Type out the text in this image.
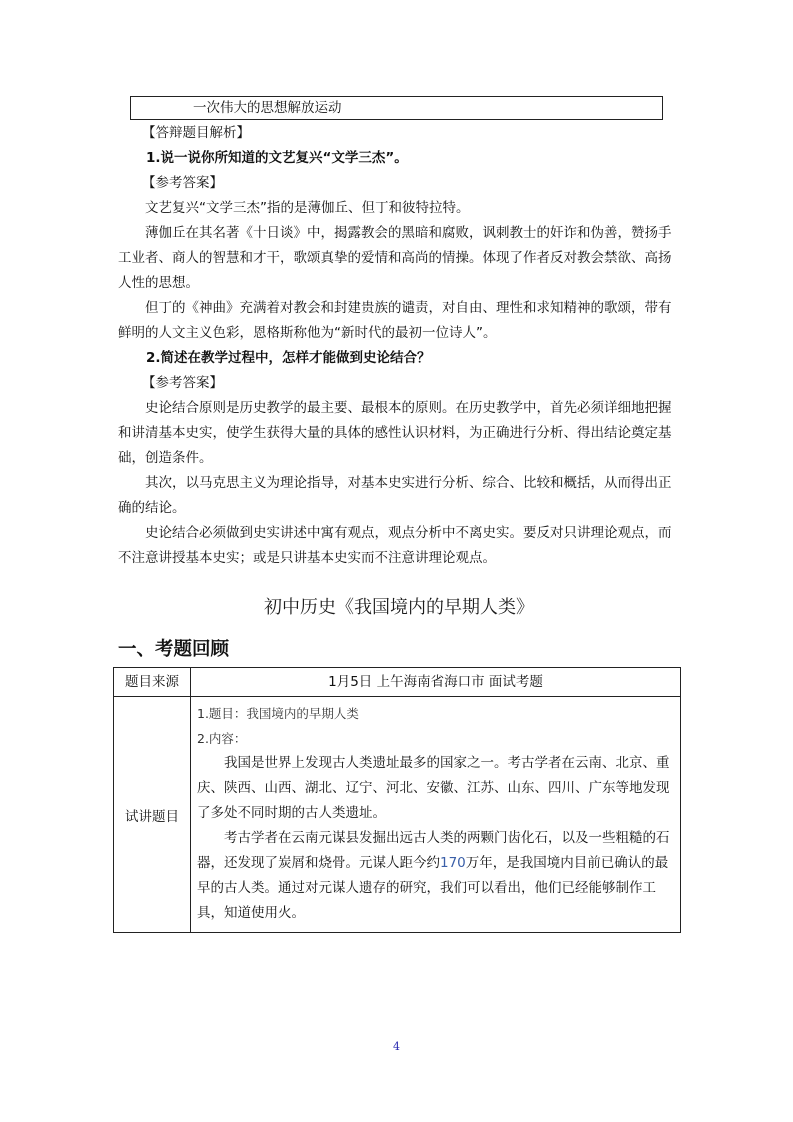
一次伟大的思想解放运动

【答辩题目解析】

1.说一说你所知道的文艺复兴“文学三杰”。

【参考答案】

文艺复兴“文学三杰”指的是薄伽丘、但丁和彼特拉特。

薄伽丘在其名著《十日谈》中，揭露教会的黑暗和腐败，讽刺教士的奸诈和伪善，赞扬手工业者、商人的智慧和才干，歌颂真挚的爱情和高尚的情操。体现了作者反对教会禁欲、高扬人性的思想。

但丁的《神曲》充满着对教会和封建贵族的谴责，对自由、理性和求知精神的歌颂，带有鲜明的人文主义色彩，恩格斯称他为“新时代的最初一位诗人”。

2.简述在教学过程中，怎样才能做到史论结合？

【参考答案】

史论结合原则是历史教学的最主要、最根本的原则。在历史教学中，首先必须详细地把握和讲清基本史实，使学生获得大量的具体的感性认识材料，为正确进行分析、得出结论奠定基础，创造条件。

其次，以马克思主义为理论指导，对基本史实进行分析、综合、比较和概括，从而得出正确的结论。

史论结合必须做到史实讲述中寓有观点，观点分析中不离史实。要反对只讲理论观点，而不注意讲授基本史实；或是只讲基本史实而不注意讲理论观点。

初中历史《我国境内的早期人类》
一、考题回顾
题目来源	1月5日 上午海南省海口市 面试考题
试讲题目	1.题目：我国境内的早期人类

2.内容：

我国是世界上发现古人类遗址最多的国家之一。考古学者在云南、北京、重庆、陕西、山西、湖北、辽宁、河北、安徽、江苏、山东、四川、广东等地发现了多处不同时期的古人类遗址。

考古学者在云南元谋县发掘出远古人类的两颗门齿化石，以及一些粗糙的石器，还发现了炭屑和烧骨。元谋人距今约170万年，是我国境内目前已确认的最早的古人类。通过对元谋人遗存的研究，我们可以看出，他们已经能够制作工具，知道使用火。

4
